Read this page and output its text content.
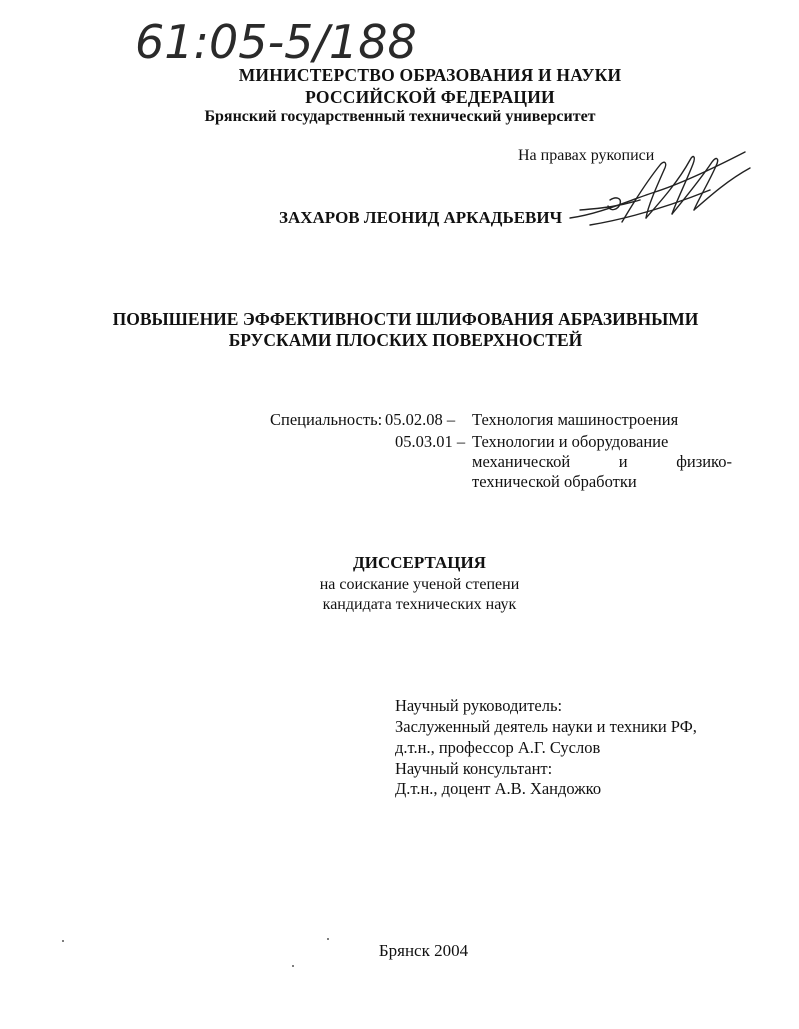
61:05-5/188
МИНИСТЕРСТВО ОБРАЗОВАНИЯ И НАУКИ
РОССИЙСКОЙ ФЕДЕРАЦИИ
Брянский государственный технический университет
На правах рукописи
ЗАХАРОВ ЛЕОНИД АРКАДЬЕВИЧ
ПОВЫШЕНИЕ ЭФФЕКТИВНОСТИ ШЛИФОВАНИЯ АБРАЗИВНЫМИ
БРУСКАМИ ПЛОСКИХ ПОВЕРХНОСТЕЙ
Специальность: 05.02.08 – Технология машиностроения
05.03.01 – Технологии и оборудование
механической	и	физико-
технической обработки
ДИССЕРТАЦИЯ
на соискание ученой степени
кандидата технических наук
Научный руководитель:
Заслуженный деятель науки и техники РФ,
д.т.н., профессор А.Г. Суслов
Научный консультант:
Д.т.н., доцент А.В. Хандожко
Брянск 2004
